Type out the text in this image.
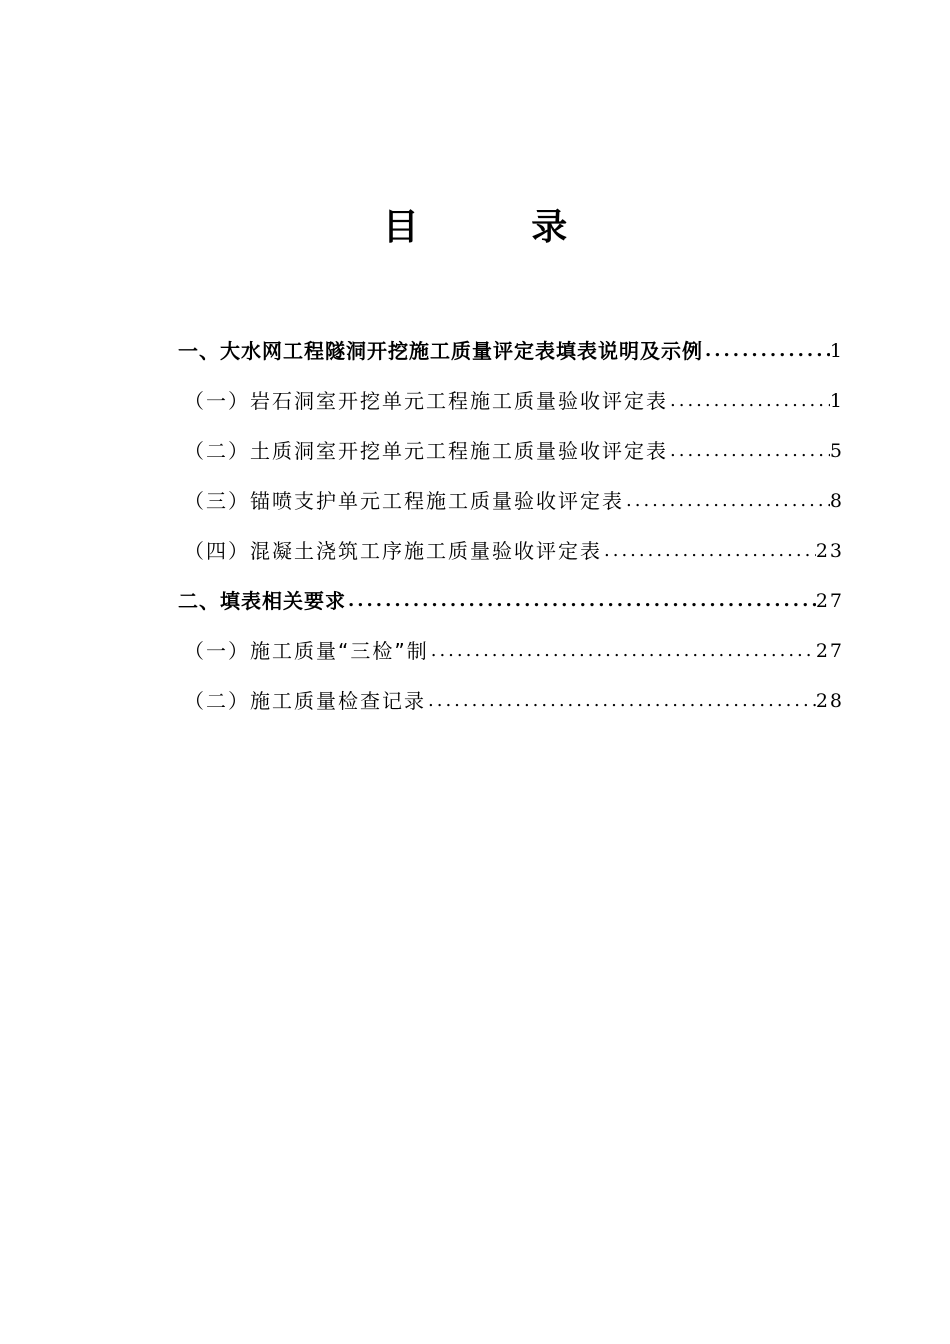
目 录
一、大水网工程隧洞开挖施工质量评定表填表说明及示例 .....	1
（一）岩石洞室开挖单元工程施工质量验收评定表 .....	1
（二）土质洞室开挖单元工程施工质量验收评定表 .....	5
（三）锚喷支护单元工程施工质量验收评定表 .....	8
（四）混凝土浇筑工序施工质量验收评定表 .....	23
二、填表相关要求 .....	27
（一）施工质量“三检”制 .....	27
（二）施工质量检查记录 .....	28
